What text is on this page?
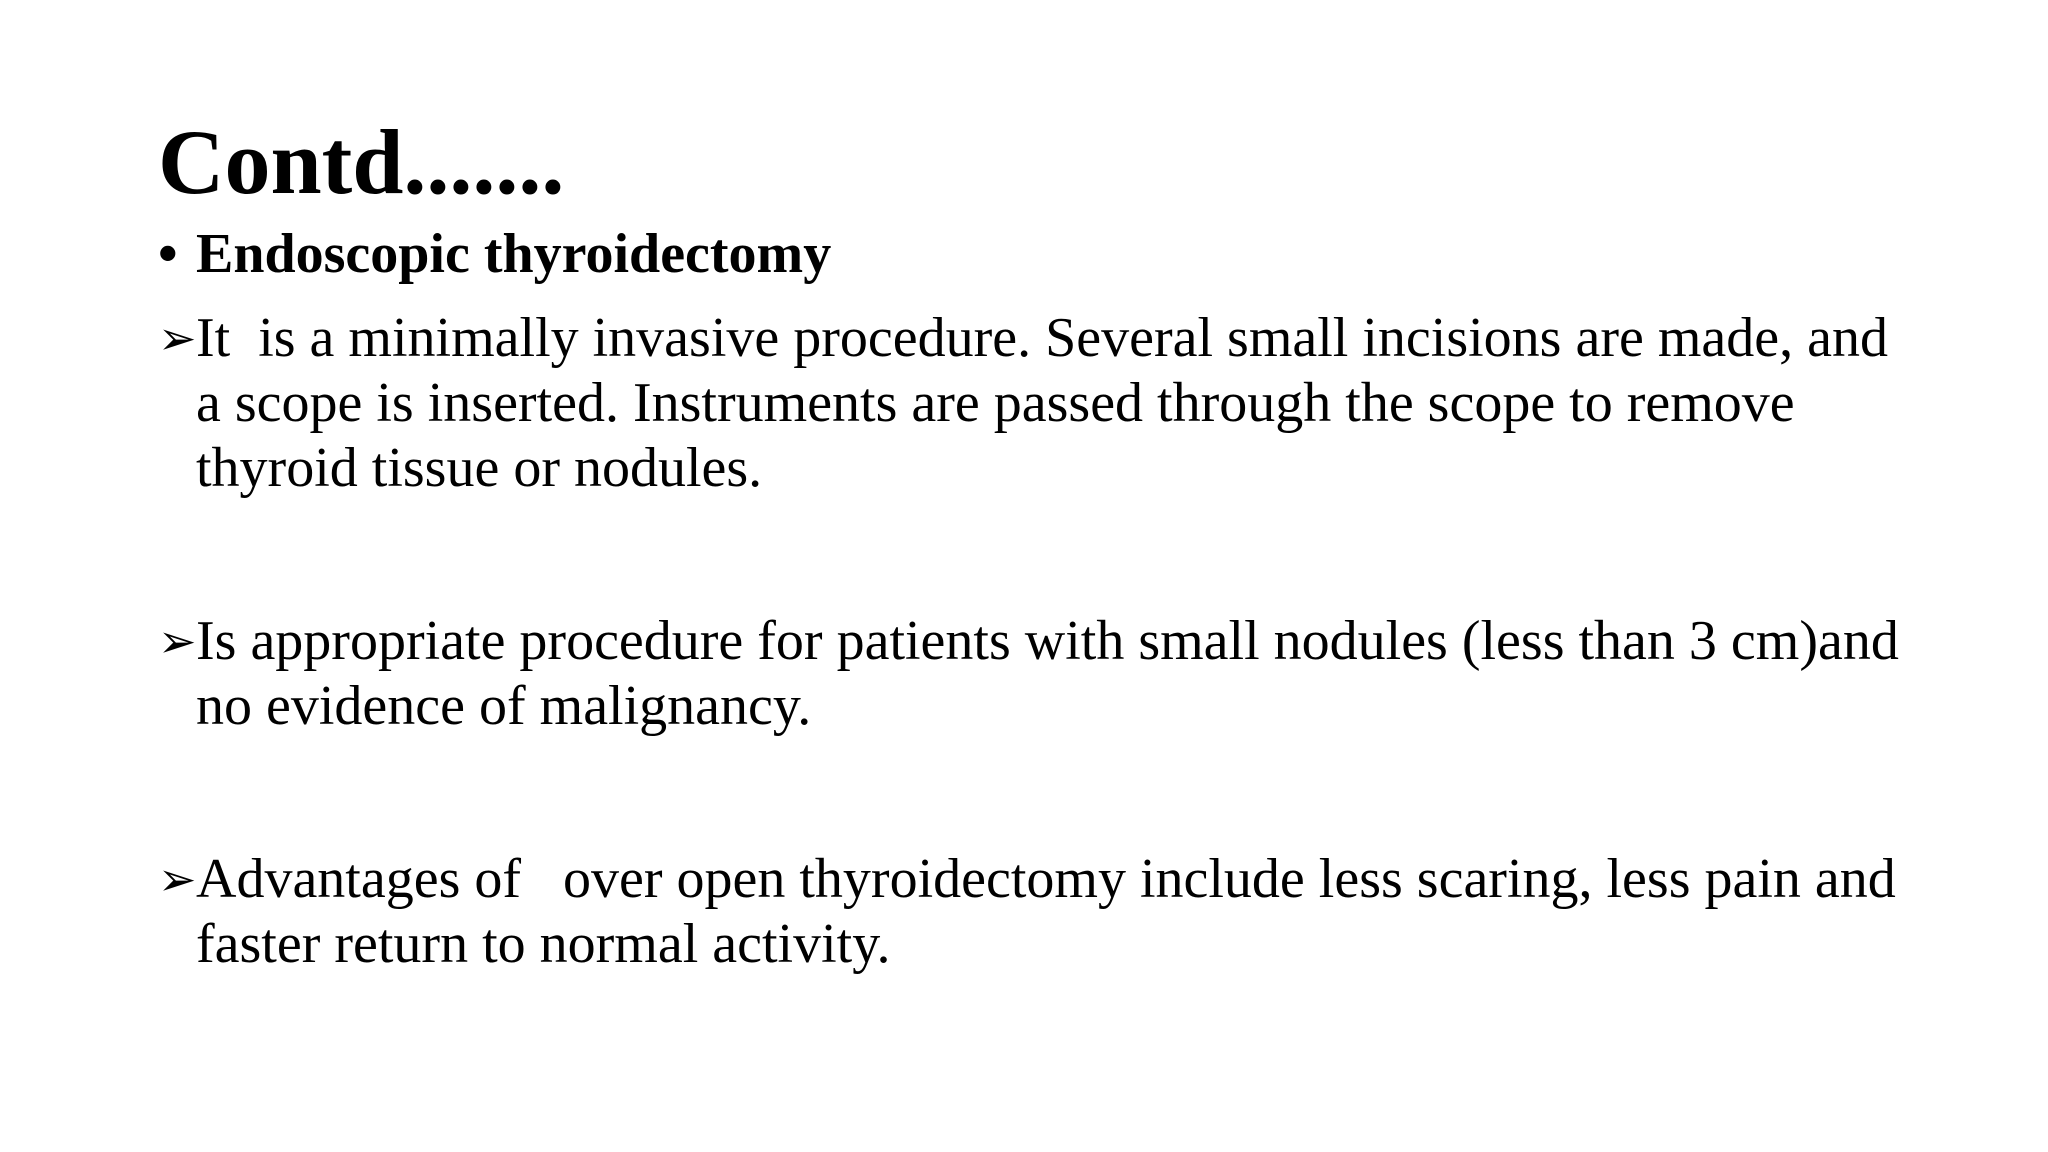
Contd.......
• Endoscopic thyroidectomy
➢ It  is a minimally invasive procedure. Several small incisions are made, and a scope is inserted. Instruments are passed through the scope to remove thyroid tissue or nodules.
➢ Is appropriate procedure for patients with small nodules (less than 3 cm)and no evidence of malignancy.
➢ Advantages of   over open thyroidectomy include less scaring, less pain and faster return to normal activity.
